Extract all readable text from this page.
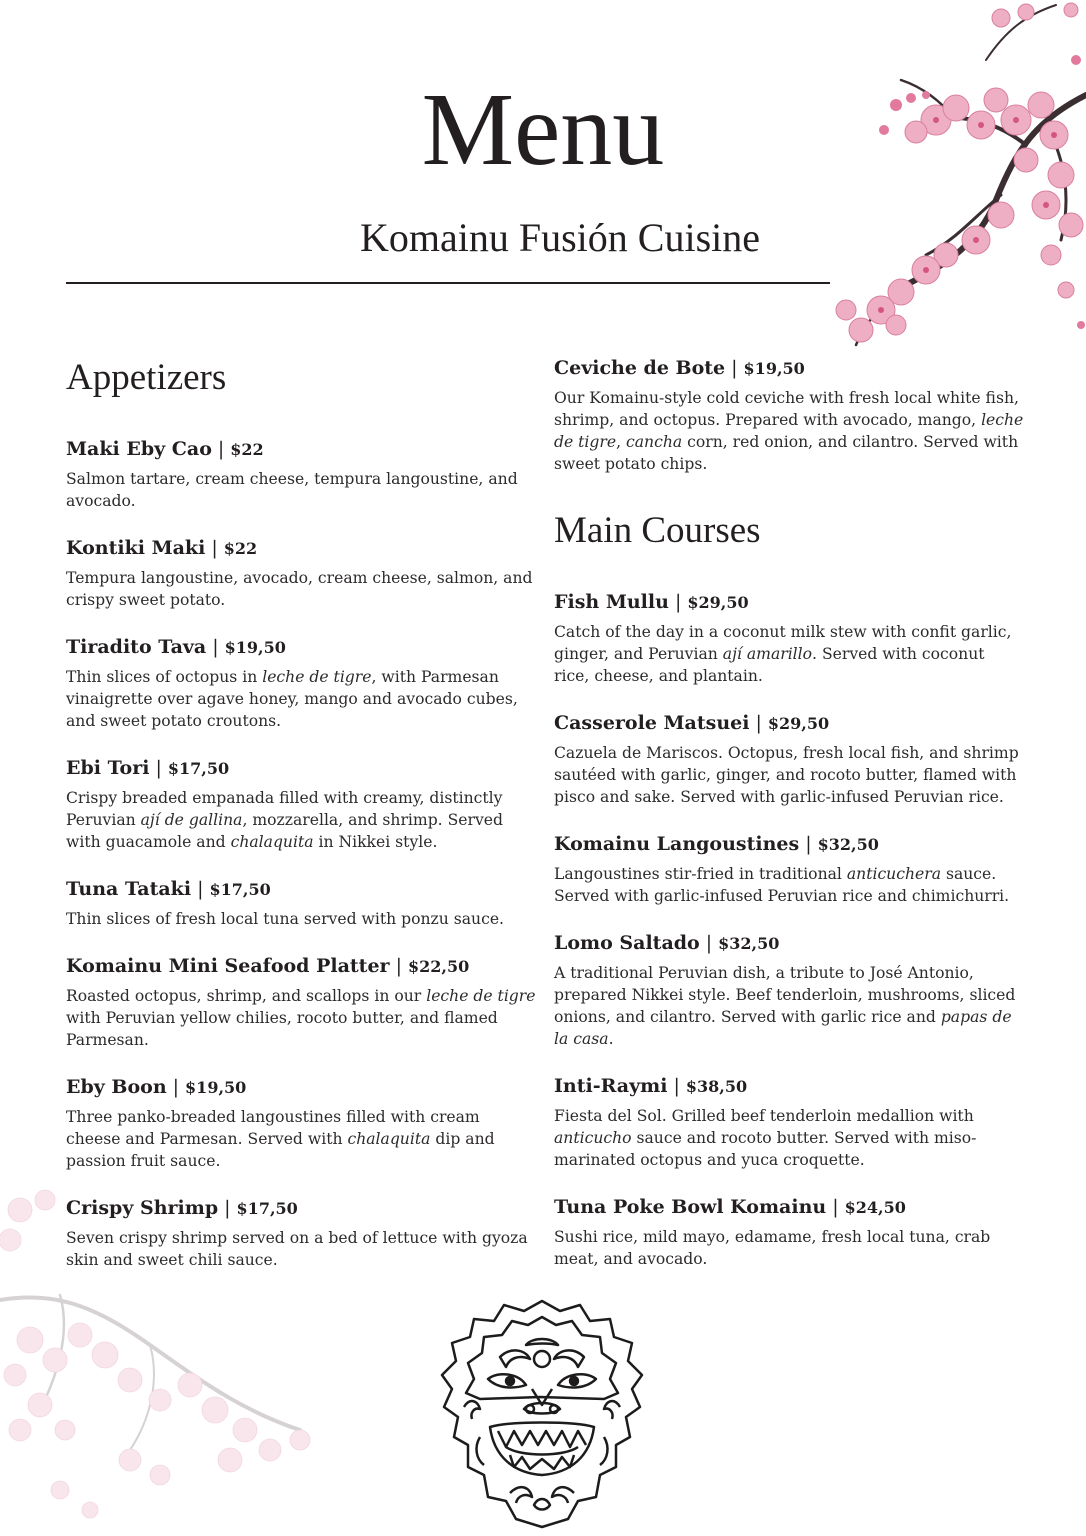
Menu
Komainu Fusión Cuisine
Appetizers
Maki Eby Cao | $22
Salmon tartare, cream cheese, tempura langoustine, and avocado.
Kontiki Maki | $22
Tempura langoustine, avocado, cream cheese, salmon, and crispy sweet potato.
Tiradito Tava | $19,50
Thin slices of octopus in leche de tigre, with Parmesan vinaigrette over agave honey, mango and avocado cubes, and sweet potato croutons.
Ebi Tori | $17,50
Crispy breaded empanada filled with creamy, distinctly Peruvian ají de gallina, mozzarella, and shrimp. Served with guacamole and chalaquita in Nikkei style.
Tuna Tataki | $17,50
Thin slices of fresh local tuna served with ponzu sauce.
Komainu Mini Seafood Platter | $22,50
Roasted octopus, shrimp, and scallops in our leche de tigre with Peruvian yellow chilies, rocoto butter, and flamed Parmesan.
Eby Boon | $19,50
Three panko-breaded langoustines filled with cream cheese and Parmesan. Served with chalaquita dip and passion fruit sauce.
Crispy Shrimp | $17,50
Seven crispy shrimp served on a bed of lettuce with gyoza skin and sweet chili sauce.
Ceviche de Bote | $19,50
Our Komainu-style cold ceviche with fresh local white fish, shrimp, and octopus. Prepared with avocado, mango, leche de tigre, cancha corn, red onion, and cilantro. Served with sweet potato chips.
Main Courses
Fish Mullu | $29,50
Catch of the day in a coconut milk stew with confit garlic, ginger, and Peruvian ají amarillo. Served with coconut rice, cheese, and plantain.
Casserole Matsuei | $29,50
Cazuela de Mariscos. Octopus, fresh local fish, and shrimp sautéed with garlic, ginger, and rocoto butter, flamed with pisco and sake. Served with garlic-infused Peruvian rice.
Komainu Langoustines | $32,50
Langoustines stir-fried in traditional anticuchera sauce. Served with garlic-infused Peruvian rice and chimichurri.
Lomo Saltado | $32,50
A traditional Peruvian dish, a tribute to José Antonio, prepared Nikkei style. Beef tenderloin, mushrooms, sliced onions, and cilantro. Served with garlic rice and papas de la casa.
Inti-Raymi | $38,50
Fiesta del Sol. Grilled beef tenderloin medallion with anticucho sauce and rocoto butter. Served with miso-marinated octopus and yuca croquette.
Tuna Poke Bowl Komainu | $24,50
Sushi rice, mild mayo, edamame, fresh local tuna, crab meat, and avocado.
